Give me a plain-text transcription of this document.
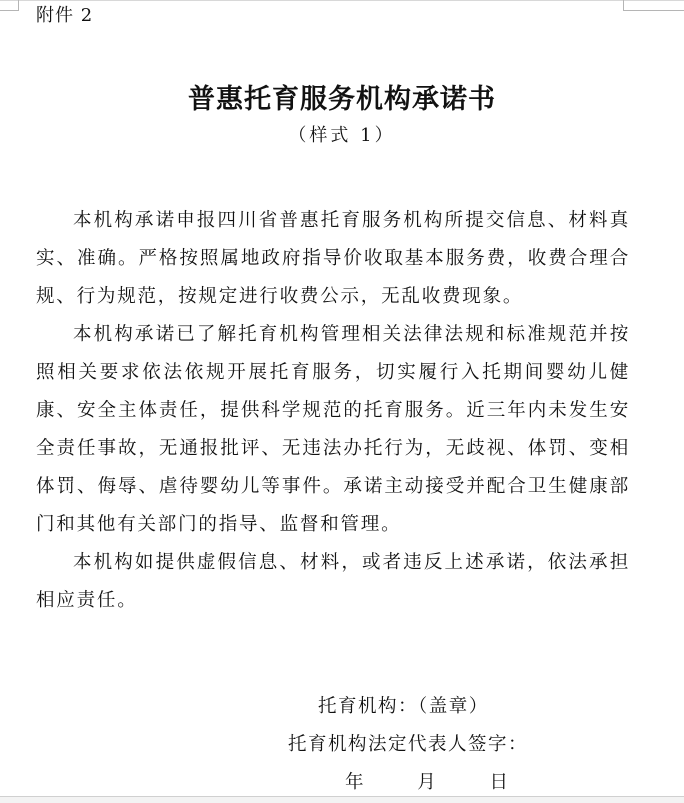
附件 2
普惠托育服务机构承诺书
（样式 1）

本机构承诺申报四川省普惠托育服务机构所提交信息、材料真实、准确。严格按照属地政府指导价收取基本服务费，收费合理合规、行为规范，按规定进行收费公示，无乱收费现象。

本机构承诺已了解托育机构管理相关法律法规和标准规范并按照相关要求依法依规开展托育服务，切实履行入托期间婴幼儿健康、安全主体责任，提供科学规范的托育服务。近三年内未发生安全责任事故，无通报批评、无违法办托行为，无歧视、体罚、变相体罚、侮辱、虐待婴幼儿等事件。承诺主动接受并配合卫生健康部门和其他有关部门的指导、监督和管理。

本机构如提供虚假信息、材料，或者违反上述承诺，依法承担相应责任。

托育机构：（盖章）
托育机构法定代表人签字：
年  月  日
